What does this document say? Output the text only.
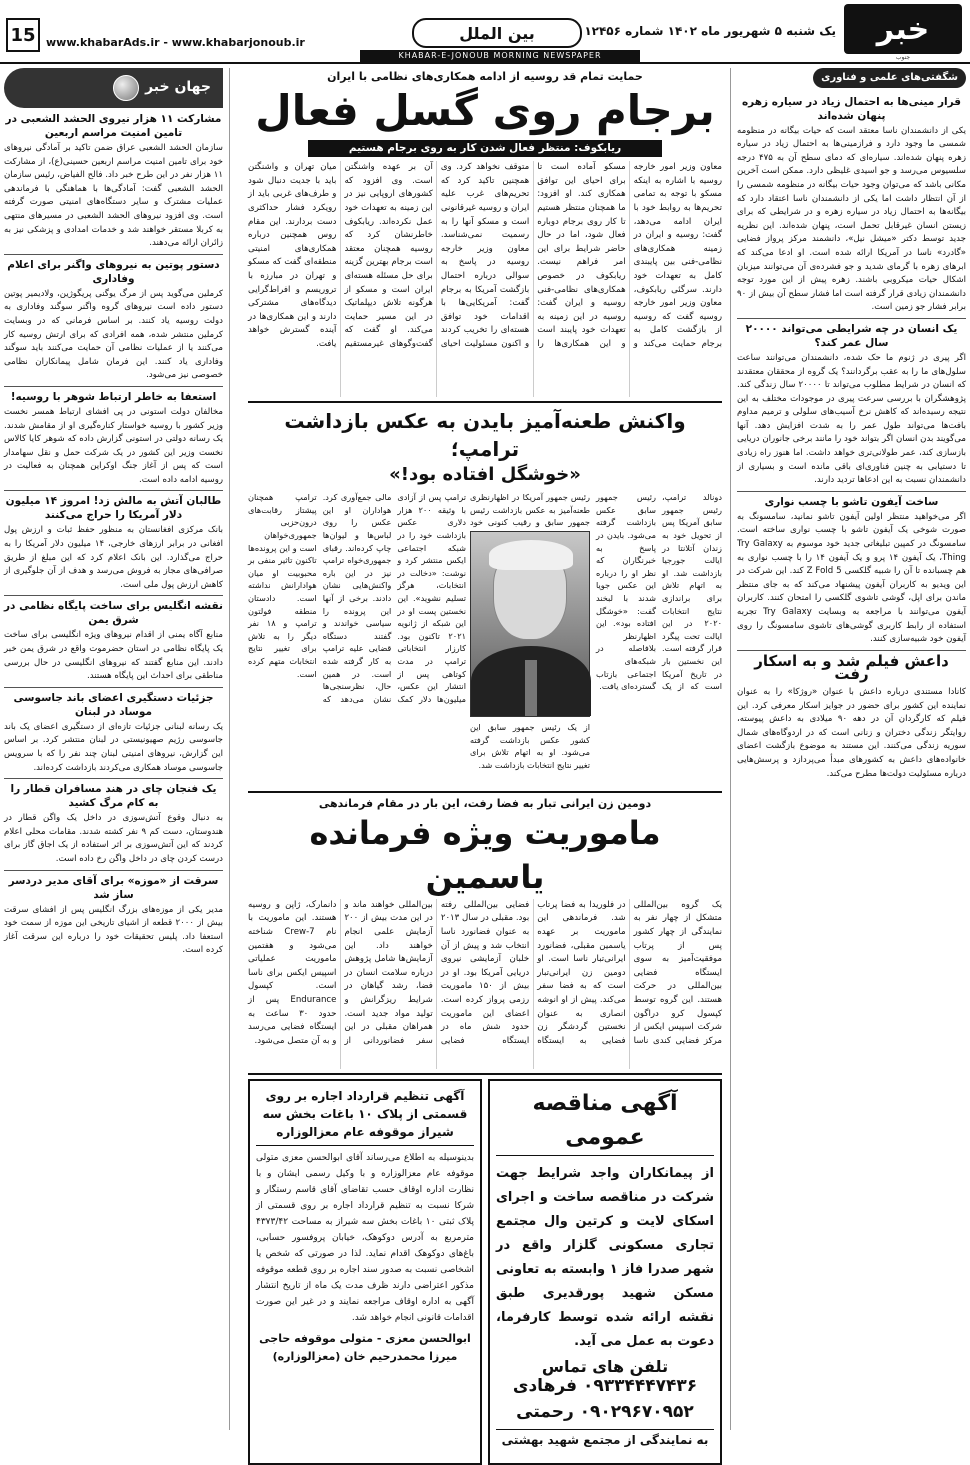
خبر
جنوب
یک شنبه ۵ شهریور ماه ۱۴۰۲ شماره ۱۲۴۵۶
بین الملل
KHABAR-E-JONOUB MORNING NEWSPAPER
www.khabarAds.ir - www.khabarjonoub.ir
15
شگفتی‌های علمی و فناوری
قرار مینی‌ها به احتمال زیاد در سیاره زهره پنهان شده‌اند

یکی از دانشمندان ناسا معتقد است که حیات بیگانه در منظومه شمسی ما وجود دارد و فرازمینی‌ها به احتمال زیاد در سیاره زهره پنهان شده‌اند. سیاره‌ای که دمای سطح آن به ۴۷۵ درجه سلسیوس می‌رسد و جو اسیدی غلیظی دارد. ممکن است آخرین مکانی باشد که می‌توان وجود حیات بیگانه در منظومه شمسی را از آن انتظار داشت اما یکی از دانشمندان ناسا اعتقاد دارد که بیگانه‌ها به احتمال زیاد در سیاره زهره و در شرایطی که برای زیستن انسان غیرقابل تحمل است، پنهان شده‌اند. این نظریه جدید توسط دکتر «میشل نیل»، دانشمند مرکز پرواز فضایی «گادرد» ناسا در آمریکا ارائه شده است. او ادعا می‌کند که ابرهای زهره با گرمای شدید و جو فشرده‌ی آن می‌توانند میزبان اشکال حیات میکروبی باشند. زهره پیش از این مورد توجه دانشمندان زیادی قرار گرفته است اما فشار سطح آن بیش از ۹۰ برابر فشار جو زمین است.

یک انسان در چه شرایطی می‌تواند ۲۰۰۰۰ سال عمر کند؟

اگر پیری در ژنوم ما حک شده، دانشمندان می‌توانند ساعت سلول‌های ما را به عقب برگردانند؟ یک گروه از محققان معتقدند که انسان در شرایط مطلوب می‌تواند تا ۲۰۰۰۰ سال زندگی کند. پژوهشگران با بررسی سرعت پیری در موجودات مختلف به این نتیجه رسیده‌اند که کاهش نرخ آسیب‌های سلولی و ترمیم مداوم بافت‌ها می‌تواند طول عمر را به شدت افزایش دهد. آنها می‌گویند بدن انسان اگر بتواند خود را مانند برخی جانوران دریایی بازسازی کند، عمر طولانی‌تری خواهد داشت. اما هنوز راه زیادی تا دستیابی به چنین فناوری‌ای باقی مانده است و بسیاری از دانشمندان نسبت به این ادعاها تردید دارند.

ساخت آیفون تاشو با چسب نواری

اگر می‌خواهید منتظر اولین آیفون تاشو نمانید، سامسونگ به صورت شوخی یک آیفون تاشو با چسب نواری ساخته است. سامسونگ در کمپین تبلیغاتی جدید خود موسوم به Try Galaxy Thing، یک آیفون ۱۴ پرو و یک آیفون ۱۴ را با چسب نواری به هم چسبانده تا آن را شبیه گلکسی Z Fold 5 کند. این شرکت در این ویدیو به کاربران آیفون پیشنهاد می‌کند که به جای منتظر ماندن برای اپل، گوشی تاشوی گلکسی را امتحان کنند. کاربران آیفون می‌توانند با مراجعه به وبسایت Try Galaxy تجربه استفاده از رابط کاربری گوشی‌های تاشوی سامسونگ را روی آیفون خود شبیه‌سازی کنند.

داعش فیلم شد و به اسکار رفت

کانادا مستندی درباره داعش با عنوان «روژکا» را به عنوان نماینده این کشور برای حضور در جوایز اسکار معرفی کرد. این فیلم که کارگردان آن در دهه ۹۰ میلادی به داعش پیوسته، روایتگر زندگی دختران و زنانی است که در اردوگاه‌های شمال سوریه زندگی می‌کنند. این مستند به موضوع بازگشت اعضای خانواده‌های داعش به کشورهای مبدأ می‌پردازد و پرسش‌هایی درباره مسئولیت دولت‌ها مطرح می‌کند.

حمایت تمام قد روسیه از ادامه همکاری‌های نظامی با ایران
برجام روی گسل فعال
ریابکوف: منتظر فعال شدن کار به روی برجام هستیم
معاون وزیر امور خارجه روسیه با اشاره به اینکه مسکو با توجه به تمامی تحریم‌ها به روابط خود با ایران ادامه می‌دهد، گفت: روسیه و ایران در زمینه همکاری‌های نظامی-فنی بین پایبندی کامل به تعهدات خود دارند. سرگئی ریابکوف، معاون وزیر امور خارجه روسیه گفت که روسیه از بازگشت کامل به برجام حمایت می‌کند و مسکو آماده است تا برای احیای این توافق همکاری کند. او افزود: ما همچنان منتظر هستیم تا کار روی برجام دوباره فعال شود، اما در حال حاضر شرایط برای این امر فراهم نیست. ریابکوف در خصوص همکاری‌های نظامی-فنی روسیه و ایران گفت: روسیه در این زمینه به تعهدات خود پایبند است و این همکاری‌ها را متوقف نخواهد کرد. وی همچنین تاکید کرد که تحریم‌های غرب علیه ایران و روسیه غیرقانونی است و مسکو آنها را به رسمیت نمی‌شناسد. معاون وزیر خارجه روسیه در پاسخ به سوالی درباره احتمال بازگشت آمریکا به برجام گفت: آمریکایی‌ها با اقدامات خود توافق هسته‌ای را تخریب کردند و اکنون مسئولیت احیای آن بر عهده واشنگتن است. وی افزود که کشورهای اروپایی نیز در این زمینه به تعهدات خود عمل نکرده‌اند. ریابکوف خاطرنشان کرد که روسیه همچنان معتقد است برجام بهترین گزینه برای حل مسئله هسته‌ای ایران است و مسکو از هرگونه تلاش دیپلماتیک در این مسیر حمایت می‌کند. او گفت که گفت‌وگوهای غیرمستقیم میان تهران و واشنگتن باید با جدیت دنبال شود و طرف‌های غربی باید از رویکرد فشار حداکثری دست بردارند. این مقام روس همچنین درباره همکاری‌های امنیتی منطقه‌ای گفت که مسکو و تهران در مبارزه با تروریسم و افراط‌گرایی دیدگاه‌های مشترکی دارند و این همکاری‌ها در آینده گسترش خواهد یافت.
واکنش طعنه‌آمیز بایدن به عکس بازداشت ترامپ؛
«خوشگل افتاده بود!»
دونالد ترامپ، رئیس جمهور سابق آمریکا پس از تحویل خود به زندان آتلانتا در ایالت جورجیا بازداشت شد. او به اتهام تلاش برای براندازی نتایج انتخابات ۲۰۲۰ در این ایالت تحت پیگرد قرار گرفته است. این نخستین بار در تاریخ آمریکا است که از یک رئیس جمهور سابق عکس بازداشت گرفته می‌شود. بایدن در پاسخ به خبرنگاران که نظر او را درباره این عکس جویا شدند با لبخند گفت: «خوشگل افتاده بود». این اظهارنظر بلافاصله در شبکه‌های اجتماعی بازتاب گسترده‌ای یافت.
رئیس جمهور آمریکا در اظهارنظری طعنه‌آمیز به عکس بازداشت رئیس جمهور سابق و رقیب کنونی خود
از یک رئیس جمهور سابق این کشور عکس بازداشت گرفته می‌شود. او به اتهام تلاش برای تغییر نتایج انتخابات بازداشت شد.
ترامپ پس از آزادی با وثیقه ۲۰۰ هزار دلاری عکس بازداشت خود را در شبکه اجتماعی ایکس منتشر کرد و نوشت: «دخالت در انتخابات، هرگز تسلیم نشوید». این نخستین پست او در این شبکه از ژانویه ۲۰۲۱ تاکنون بود. کارزار انتخاباتی ترامپ در مدت کوتاهی پس از انتشار این عکس، میلیون‌ها دلار کمک مالی جمع‌آوری کرد. هواداران او این عکس را روی لباس‌ها و لیوان‌ها چاپ کرده‌اند. رقبای جمهوری‌خواه ترامپ نیز در این باره واکنش‌هایی نشان دادند. برخی از آنها این پرونده را سیاسی خواندند و گفتند دستگاه قضایی علیه ترامپ به کار گرفته شده است. در همین حال، نظرسنجی‌ها نشان می‌دهد که ترامپ همچنان پیشتاز رقابت‌های درون‌حزبی جمهوری‌خواهان است و این پرونده‌ها تاکنون تاثیر منفی بر محبوبیت او میان هوادارانش نداشته است. دادستان منطقه فولتون ترامپ و ۱۸ نفر دیگر را به تلاش برای تغییر نتایج انتخابات متهم کرده است.
دومین زن ایرانی تبار به فضا رفت، این بار در مقام فرماندهی
ماموریت ویژه فرمانده یاسمین
یک گروه بین‌المللی متشکل از چهار نفر به نمایندگی از چهار کشور پس از پرتاب موفقیت‌آمیز به سوی ایستگاه فضایی بین‌المللی در حرکت هستند. این گروه توسط کپسول کرو دراگون شرکت اسپیس ایکس از مرکز فضایی کندی ناسا در فلوریدا به فضا پرتاب شد. فرماندهی این ماموریت بر عهده یاسمین مقبلی، فضانورد ایرانی‌تبار ناسا است. او دومین زن ایرانی‌تبار است که به فضا سفر می‌کند. پیش از او انوشه انصاری به عنوان نخستین گردشگر زن فضایی به ایستگاه فضایی بین‌المللی رفته بود. مقبلی در سال ۲۰۱۳ به عنوان فضانورد ناسا انتخاب شد و پیش از آن خلبان آزمایشی نیروی دریایی آمریکا بود. او در بیش از ۱۵۰ ماموریت رزمی پرواز کرده است. اعضای این ماموریت حدود شش ماه در ایستگاه فضایی بین‌المللی خواهند ماند و در این مدت بیش از ۲۰۰ آزمایش علمی انجام خواهند داد. این آزمایش‌ها شامل پژوهش درباره سلامت انسان در فضا، رشد گیاهان در شرایط ریزگرانش و تولید مواد جدید است. همراهان مقبلی در این سفر فضانوردانی از دانمارک، ژاپن و روسیه هستند. این ماموریت با نام Crew-7 شناخته می‌شود و هفتمین ماموریت عملیاتی اسپیس ایکس برای ناسا است. کپسول Endurance پس از حدود ۳۰ ساعت به ایستگاه فضایی می‌رسد و به آن متصل می‌شود.
آگهی مناقصه عمومی
از پیمانکاران واجد شرایط جهت شرکت در مناقصه ساخت و اجرای اسکای لایت و کرتین وال مجتمع تجاری مسکونی گلزار واقع در شهر صدرا فاز ۱ وابسته به تعاونی مسکن شهید پورقدیری طبق نقشه ارائه شده توسط کارفرما، دعوت به عمل می آید.
تلفن های تماس
۰۹۳۳۴۴۴۷۴۳۶ فرهادی
۰۹۰۲۹۶۷۰۹۵۲ رحمتی
به نمایندگی از مجتمع شهید بهشتی
آگهی تنظیم قرارداد اجاره بر روی قسمتی از پلاک ۱۰ باغات بخش سه شیراز موقوفه عام معزالوزاره
بدینوسیله به اطلاع می‌رساند آقای ابوالحسن معزی متولی موقوفه عام معزالوزاره و با وکیل رسمی ایشان و با نظارت اداره اوقاف حسب تقاضای آقای قاسم رستگار و شرکا نسبت به تنظیم قرارداد اجاره بر روی قسمتی از پلاک ثبتی ۱۰ باغات بخش سه شیراز به مساحت ۴۳۷۳/۴۲ مترمربع به آدرس دوکوهک، خیابان پروفسور حسابی، باغ‌های دوکوهک اقدام نماید. لذا در صورتی که شخص یا اشخاصی نسبت به صدور سند اجاره بر روی قطعه موقوفه مذکور اعتراضی دارند ظرف مدت یک ماه از تاریخ انتشار آگهی به اداره اوقاف مراجعه نمایند و در غیر این صورت اقدامات قانونی انجام خواهد شد.
ابوالحسن معزی - متولی موقوفه حاجی میرزا محمدرحیم خان (معزالوزاره)
جهان خبر
مشارکت ۱۱ هزار نیروی الحشد الشعبی در تامین امنیت مراسم اربعین

سازمان الحشد الشعبی عراق ضمن تاکید بر آمادگی نیروهای خود برای تامین امنیت مراسم اربعین حسینی(ع)، از مشارکت ۱۱ هزار نفر در این طرح خبر داد. فالح الفیاض، رئیس سازمان الحشد الشعبی گفت: آمادگی‌ها با هماهنگی با فرماندهی عملیات مشترک و سایر دستگاه‌های امنیتی صورت گرفته است. وی افزود نیروهای الحشد الشعبی در مسیرهای منتهی به کربلا مستقر خواهند شد و خدمات امدادی و پزشکی نیز به زائران ارائه می‌دهند.

دستور پوتین به نیروهای واگنر برای اعلام وفاداری

کرملین می‌گوید پس از مرگ یوگنی پریگوژین، ولادیمیر پوتین دستور داده است نیروهای گروه واگنر سوگند وفاداری به دولت روسیه یاد کنند. بر اساس فرمانی که در وبسایت کرملین منتشر شده، همه افرادی که برای ارتش روسیه کار می‌کنند یا از عملیات نظامی آن حمایت می‌کنند باید سوگند وفاداری یاد کنند. این فرمان شامل پیمانکاران نظامی خصوصی نیز می‌شود.

استعفا به خاطر ارتباط شوهر با روسیه!

مخالفان دولت استونی در پی افشای ارتباط همسر نخست وزیر کشور با روسیه خواستار کناره‌گیری او از مقامش شدند. یک رسانه دولتی در استونی گزارش داده که شوهر کایا کالاس نخست وزیر این کشور در یک شرکت حمل و نقل سهامدار است که پس از آغاز جنگ اوکراین همچنان به فعالیت در روسیه ادامه داده است.

طالبان آتش به مالش زد! امروز ۱۴ میلیون دلار آمریکا را حراج می‌کنند

بانک مرکزی افغانستان به منظور حفظ ثبات و ارزش پول افغانی در برابر ارزهای خارجی، ۱۴ میلیون دلار آمریکا را به حراج می‌گذارد. این بانک اعلام کرد که این مبلغ از طریق صرافی‌های مجاز به فروش می‌رسد و هدف از آن جلوگیری از کاهش ارزش پول ملی است.

نقشه انگلیس برای ساخت پایگاه نظامی در شرق یمن

منابع آگاه یمنی از اقدام نیروهای ویژه انگلیسی برای ساخت یک پایگاه نظامی در استان حضرموت واقع در شرق یمن خبر دادند. این منابع گفتند که نیروهای انگلیسی در حال بررسی مناطقی برای احداث این پایگاه هستند.

جزئیات دستگیری اعضای باند جاسوسی موساد در لبنان

یک رسانه لبنانی جزئیات تازه‌ای از دستگیری اعضای یک باند جاسوسی رژیم صهیونیستی در لبنان منتشر کرد. بر اساس این گزارش، نیروهای امنیتی لبنان چند نفر را که با سرویس جاسوسی موساد همکاری می‌کردند بازداشت کرده‌اند.

یک فنجان چای در هند مسافران قطار را به کام مرگ کشید

به دنبال وقوع آتش‌سوزی در داخل یک واگن قطار در هندوستان، دست کم ۹ نفر کشته شدند. مقامات محلی اعلام کردند که این آتش‌سوزی بر اثر استفاده از یک اجاق گاز برای درست کردن چای در داخل واگن رخ داده است.

سرقت از «موزه» برای آقای مدیر دردسر ساز شد

مدیر یکی از موزه‌های بزرگ انگلیس پس از افشای سرقت بیش از ۲۰۰۰ قطعه از اشیای تاریخی این موزه از سمت خود استعفا داد. پلیس تحقیقات خود را درباره این سرقت آغاز کرده است.
